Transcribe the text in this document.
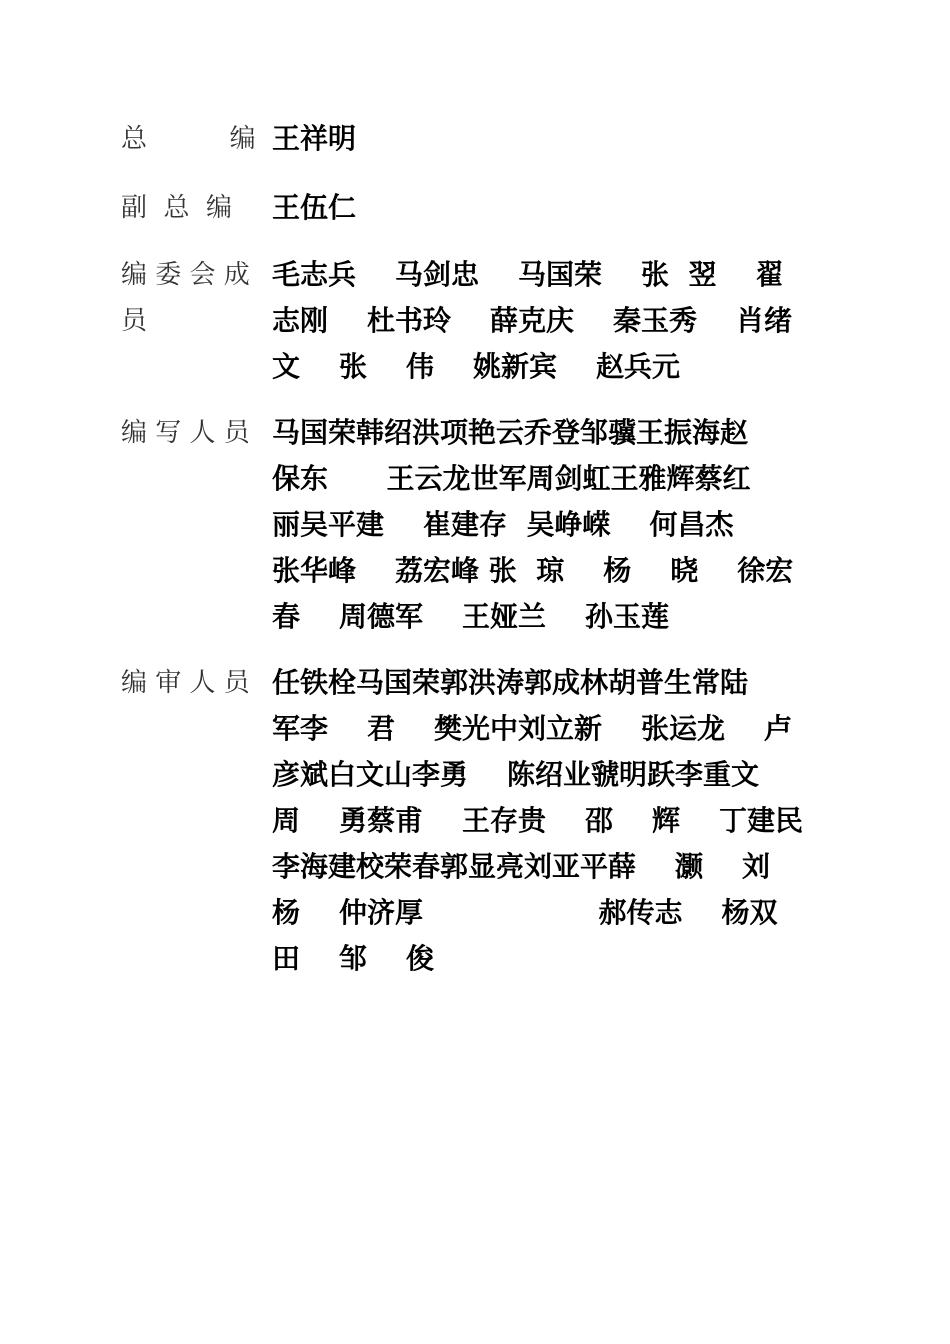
总          编 王祥明
副  总  编	王伍仁
编 委 会 成
员
毛志兵    马剑忠    马国荣    张  翌    翟
志刚    杜书玲    薛克庆    秦玉秀    肖绪
文    张    伟    姚新宾    赵兵元
编 写 人 员 马国荣韩绍洪项艳云乔登邹骥王振海赵
保东      王云龙世军周剑虹王雅辉蔡红
丽吴平建    崔建存  吴峥嵘    何昌杰
张华峰    荔宏峰 张  琼    杨    晓    徐宏
春    周德军    王娅兰    孙玉莲
编 审 人 员 任铁栓马国荣郭洪涛郭成林胡普生常陆
军李    君    樊光中刘立新    张运龙    卢
彦斌白文山李勇    陈绍业虢明跃李重文
周    勇蔡甫    王存贵    邵    辉    丁建民
李海建校荣春郭显亮刘亚平薛    灏    刘
杨    仲济厚                  郝传志    杨双
田    邹    俊
